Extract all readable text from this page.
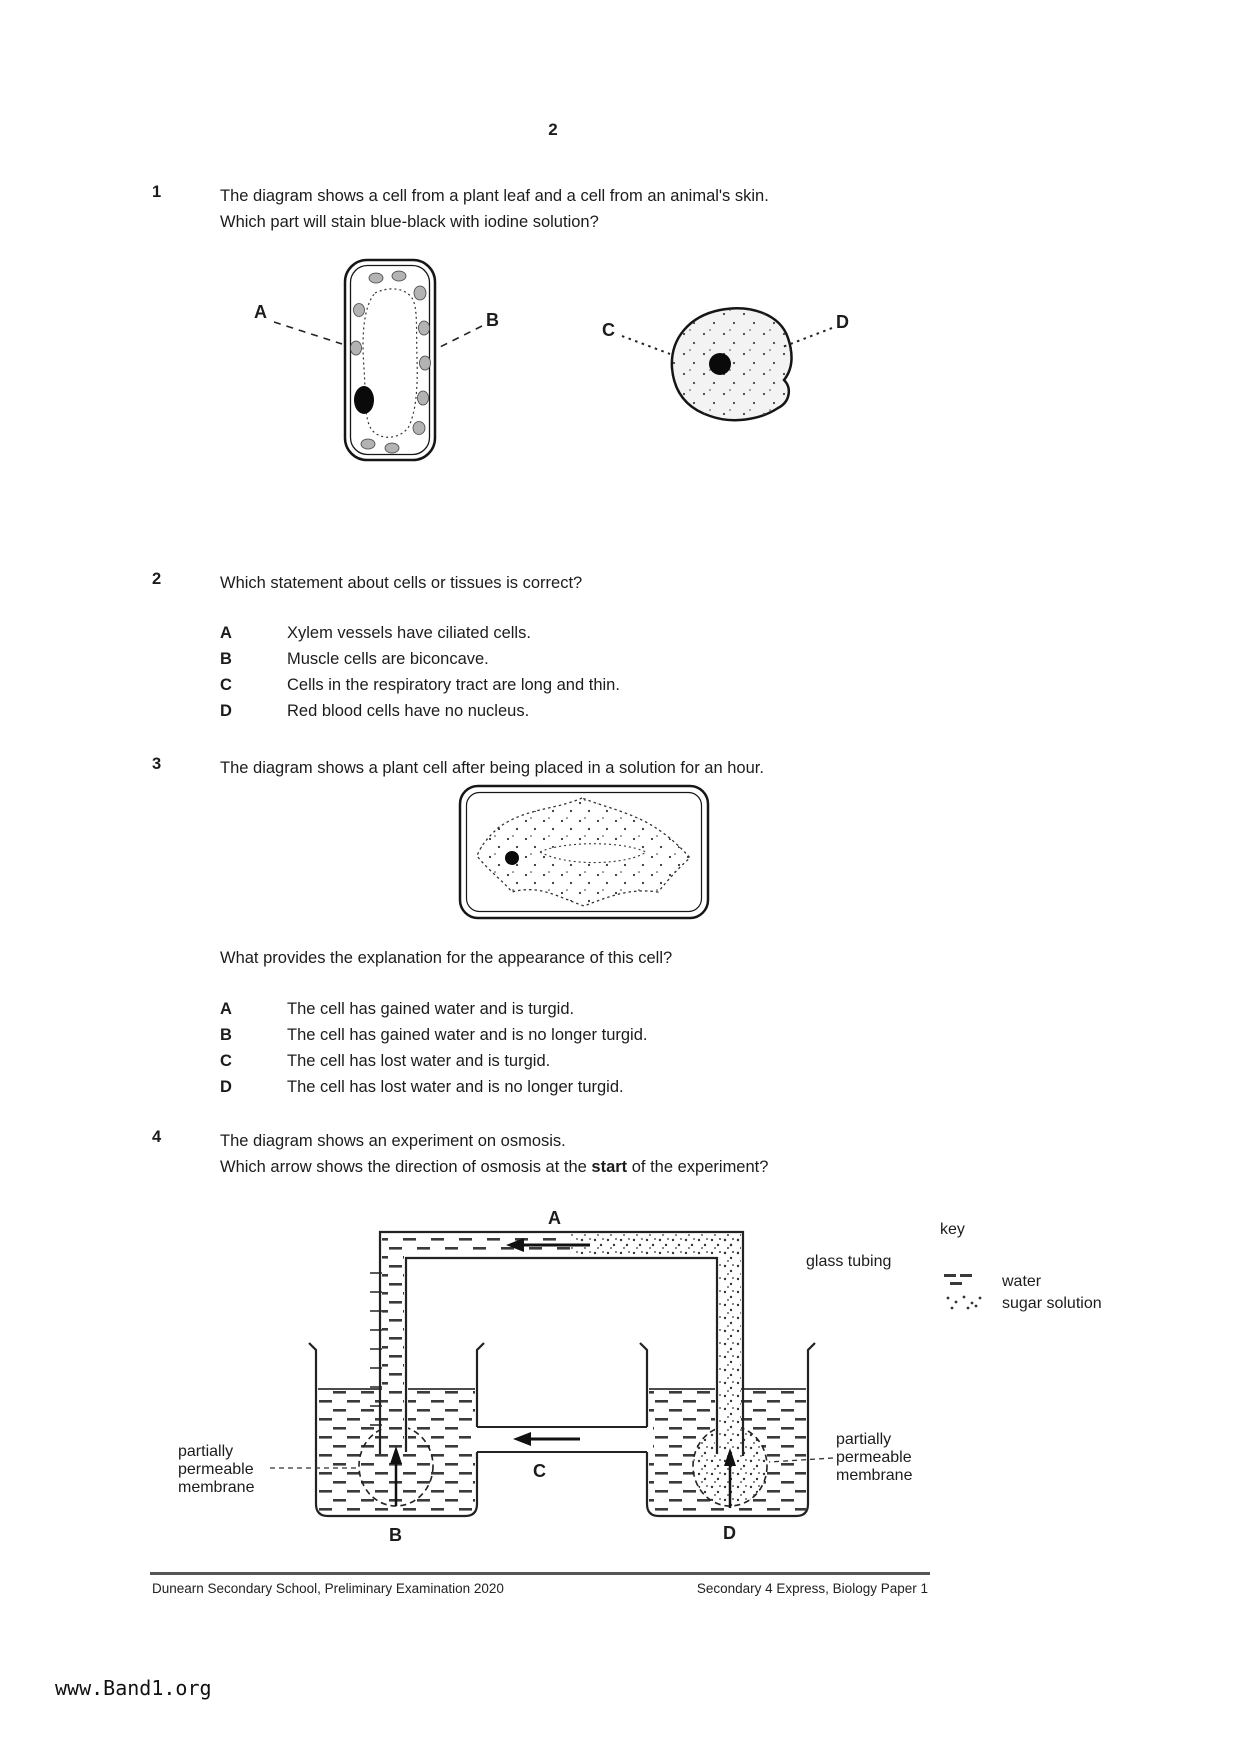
2
1	The diagram shows a cell from a plant leaf and a cell from an animal's skin.
Which part will stain blue-black with iodine solution?
A	B	C	D
2	Which statement about cells or tissues is correct?
A	Xylem vessels have ciliated cells.
B	Muscle cells are biconcave.
C	Cells in the respiratory tract are long and thin.
D	Red blood cells have no nucleus.
3	The diagram shows a plant cell after being placed in a solution for an hour.
What provides the explanation for the appearance of this cell?
A	The cell has gained water and is turgid.
B	The cell has gained water and is no longer turgid.
C	The cell has lost water and is turgid.
D	The cell has lost water and is no longer turgid.
4	The diagram shows an experiment on osmosis.
Which arrow shows the direction of osmosis at the start of the experiment?
A
C
B	D
partially
permeable
membrane
partially
permeable
membrane
glass tubing
key
water
sugar solution
Dunearn Secondary School, Preliminary Examination 2020	Secondary 4 Express, Biology Paper 1
www.Band1.org
